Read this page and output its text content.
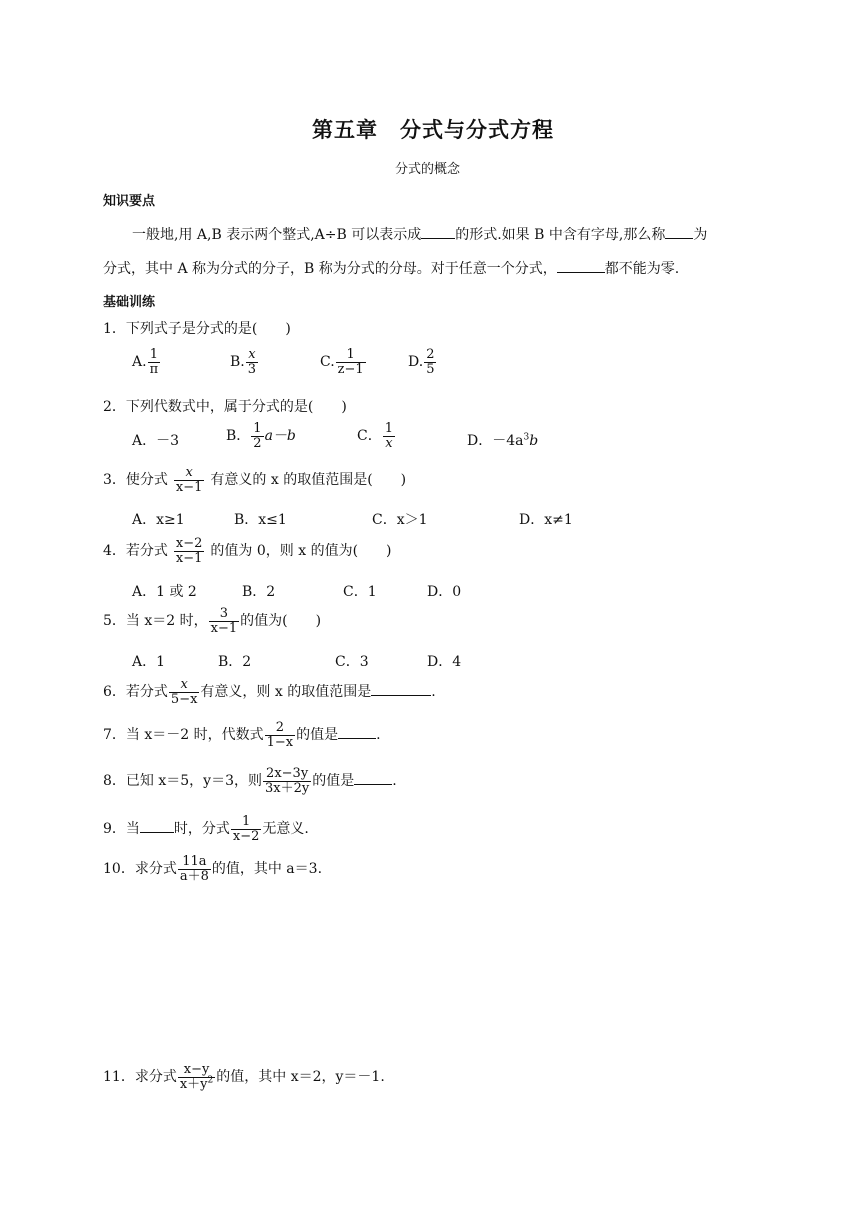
第五章　分式与分式方程
分式的概念
知识要点
一般地,用 A,B 表示两个整式,A÷B 可以表示成 的形式.如果 B 中含有字母,那么称 为
分式，其中 A 称为分式的分子，B 称为分式的分母。对于任意一个分式，	都不能为零.
基础训练
1．下列式子是分式的是(　　)
A. $\frac{1}{\pi}$	B. $\frac{x}{3}$	C. $\frac{1}{z-1}$	D. $\frac{2}{5}$
2．下列代数式中，属于分式的是(　　)
A．－3	B． $\frac{1}{2} a-b$	C． $\frac{1}{x}$	D．$-4a^3b$
3．使分式 $\frac{x}{x-1}$ 有意义的 x 的取值范围是(　　)
A．x≥1	B．x≤1	C．x＞1	D．x≠1
4．若分式 $\frac{x-2}{x-1}$ 的值为 0，则 x 的值为(　　)
A．1 或 2	B．2	C．1	D．0
5．当 x＝2 时， $\frac{3}{x-1}$ 的值为(　　)
A．1	B．2	C．3	D．4
6．若分式 $\frac{x}{5-x}$ 有意义，则 x 的取值范围是	.
7．当 x＝－2 时，代数式 $\frac{2}{1-x}$ 的值是	.
8．已知 x＝5，y＝3，则 $\frac{2x-3y}{3x+2y}$ 的值是	.
9．当 时，分式 $\frac{1}{x-2}$ 无意义.
10．求分式 $\frac{11a}{a+8}$ 的值，其中 a＝3.
11．求分式 $\frac{x-y}{x+y^2}$ 的值，其中 x＝2，y＝－1.
